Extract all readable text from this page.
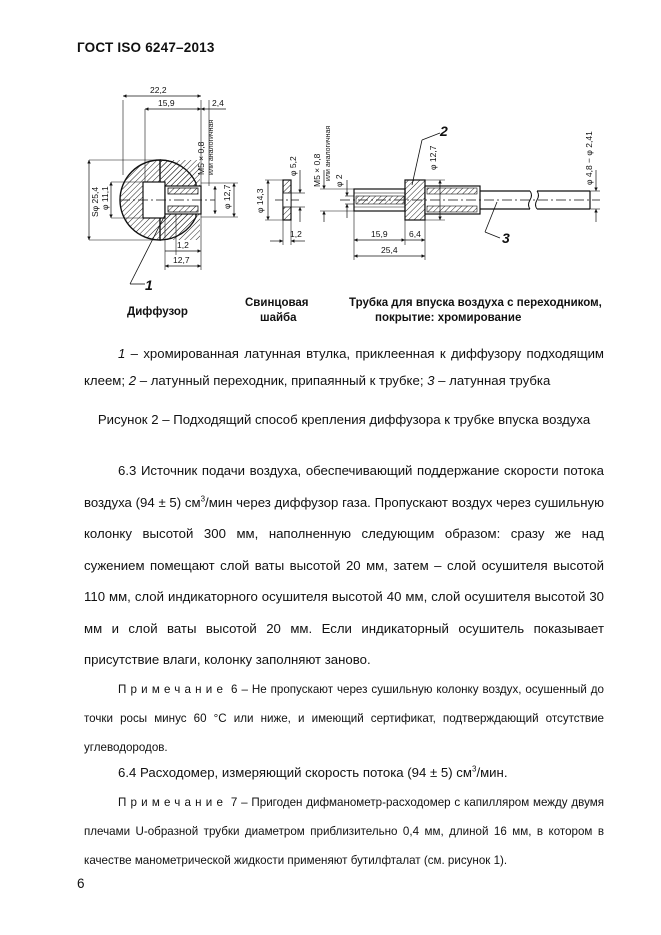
ГОСТ ISO 6247–2013
22,2
15,9	2,4
М5 × 0,8 или аналогичная
Sφ 25,4 φ 11,1	φ 12,7
1,2
12,7
1
Диффузор
φ 14,3
φ 5,2
1,2
Свинцовая
шайба
М5 × 0,8 или аналогичная φ 2
φ 12,7	φ 4,8 − φ 2,41
15,9	6,4
25,4
2
3
Трубка для впуска воздуха с переходником,
покрытие: хромирование
1 – хромированная латунная втулка, приклеенная к диффузору подходящим клеем; 2 – латунный переходник, припаянный к трубке; 3 – латунная трубка
Рисунок 2 – Подходящий способ крепления диффузора к трубке впуска воздуха
6.3 Источник подачи воздуха, обеспечивающий поддержание скорости потока воздуха (94 ± 5) $см^3$/мин через диффузор газа. Пропускают воздух через сушильную колонку высотой 300 мм, наполненную следующим образом: сразу же над сужением помещают слой ваты высотой 20 мм, затем – слой осушителя высотой 110 мм, слой индикаторного осушителя высотой 40 мм, слой осушителя высотой 30 мм и слой ваты высотой 20 мм. Если индикаторный осушитель показывает присутствие влаги, колонку заполняют заново.
Примечание 6 – Не пропускают через сушильную колонку воздух, осушенный до точки росы минус 60 °С или ниже, и имеющий сертификат, подтверждающий отсутствие углеводородов.
6.4 Расходомер, измеряющий скорость потока (94 ± 5) $см^3$/мин.
Примечание 7 – Пригоден дифманометр-расходомер с капилляром между двумя плечами U-образной трубки диаметром приблизительно 0,4 мм, длиной 16 мм, в котором в качестве манометрической жидкости применяют бутилфталат (см. рисунок 1).
6
